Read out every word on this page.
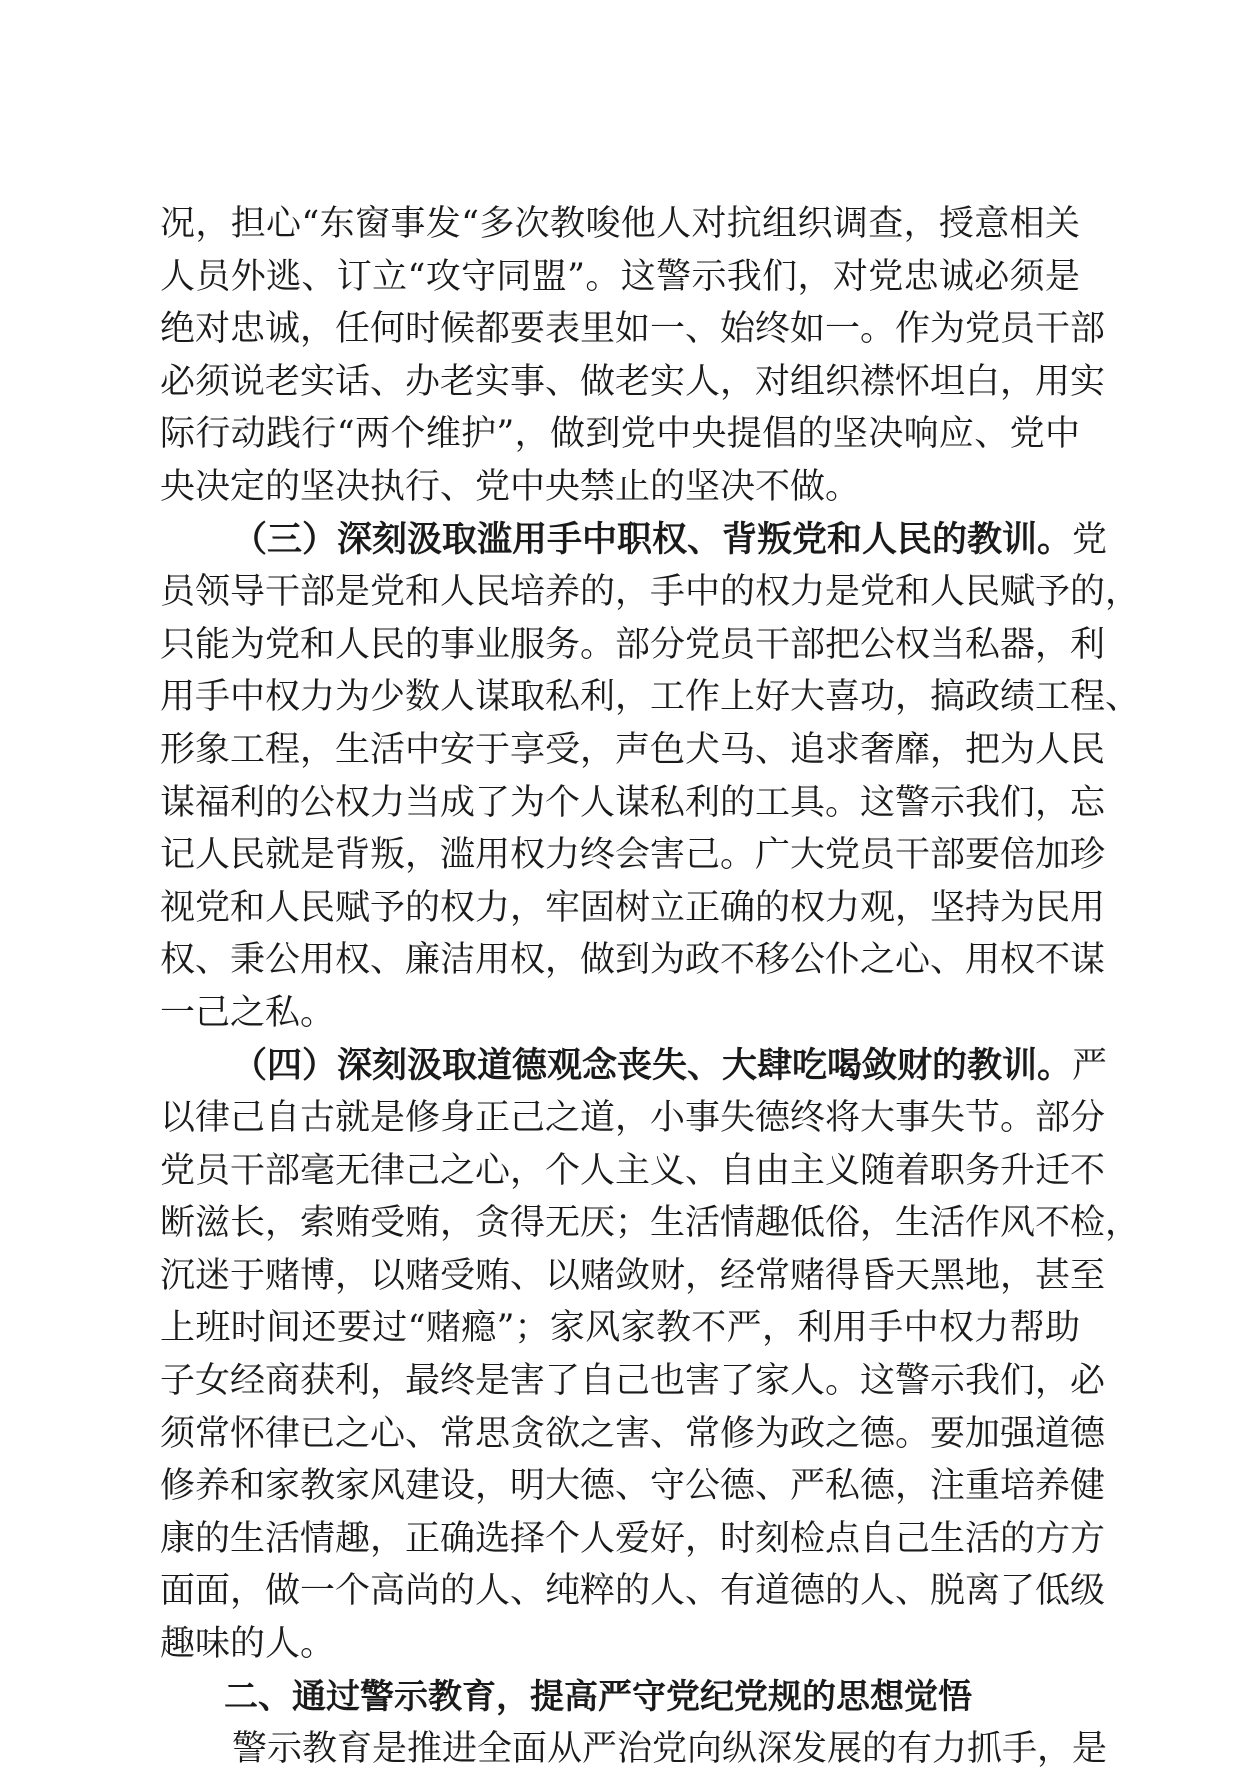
况，担心“东窗事发“多次教唆他人对抗组织调查，授意相关
人员外逃、订立“攻守同盟”。这警示我们，对党忠诚必须是
绝对忠诚，任何时候都要表里如一、始终如一。作为党员干部
必须说老实话、办老实事、做老实人，对组织襟怀坦白，用实
际行动践行“两个维护”，做到党中央提倡的坚决响应、党中
央决定的坚决执行、党中央禁止的坚决不做。
（三）深刻汲取滥用手中职权、背叛党和人民的教训。党
员领导干部是党和人民培养的，手中的权力是党和人民赋予的，
只能为党和人民的事业服务。部分党员干部把公权当私器，利
用手中权力为少数人谋取私利，工作上好大喜功，搞政绩工程、
形象工程，生活中安于享受，声色犬马、追求奢靡，把为人民
谋福利的公权力当成了为个人谋私利的工具。这警示我们，忘
记人民就是背叛，滥用权力终会害己。广大党员干部要倍加珍
视党和人民赋予的权力，牢固树立正确的权力观，坚持为民用
权、秉公用权、廉洁用权，做到为政不移公仆之心、用权不谋
一己之私。
（四）深刻汲取道德观念丧失、大肆吃喝敛财的教训。严
以律己自古就是修身正己之道，小事失德终将大事失节。部分
党员干部毫无律己之心，个人主义、自由主义随着职务升迁不
断滋长，索贿受贿，贪得无厌；生活情趣低俗，生活作风不检，
沉迷于赌博，以赌受贿、以赌敛财，经常赌得昏天黑地，甚至
上班时间还要过“赌瘾”；家风家教不严，利用手中权力帮助
子女经商获利，最终是害了自己也害了家人。这警示我们，必
须常怀律已之心、常思贪欲之害、常修为政之德。要加强道德
修养和家教家风建设，明大德、守公德、严私德，注重培养健
康的生活情趣，正确选择个人爱好，时刻检点自己生活的方方
面面，做一个高尚的人、纯粹的人、有道德的人、脱离了低级
趣味的人。
二、通过警示教育，提高严守党纪党规的思想觉悟
警示教育是推进全面从严治党向纵深发展的有力抓手，是
